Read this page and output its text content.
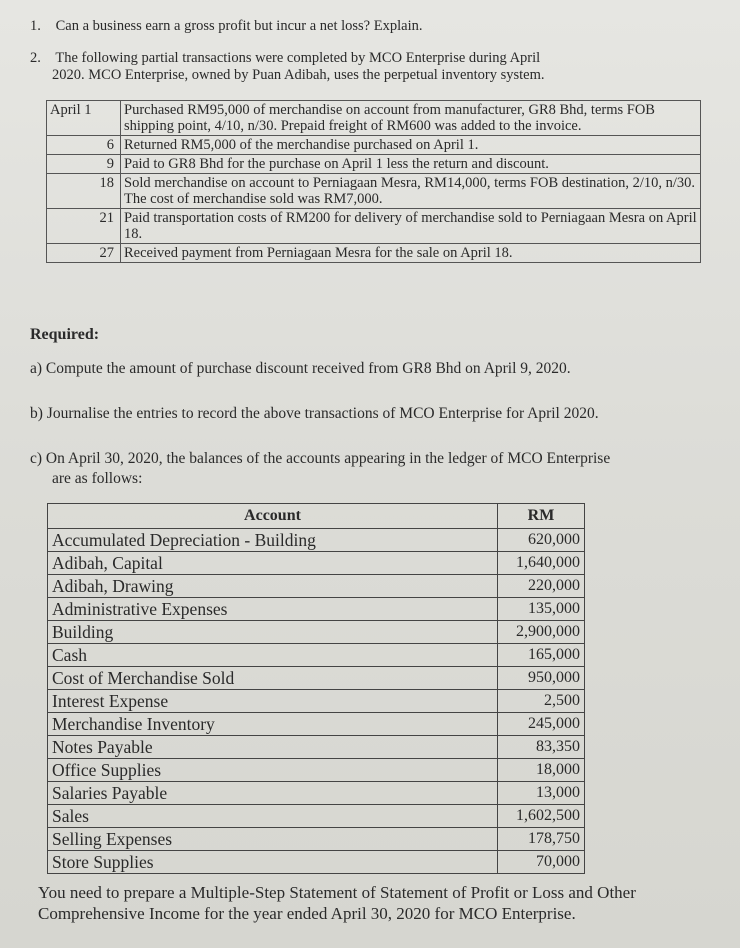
1. Can a business earn a gross profit but incur a net loss? Explain.
2. The following partial transactions were completed by MCO Enterprise during April
2020. MCO Enterprise, owned by Puan Adibah, uses the perpetual inventory system.
April 1	Purchased RM95,000 of merchandise on account from manufacturer, GR8 Bhd, terms FOB shipping point, 4/10, n/30. Prepaid freight of RM600 was added to the invoice.
6	Returned RM5,000 of the merchandise purchased on April 1.
9	Paid to GR8 Bhd for the purchase on April 1 less the return and discount.
18	Sold merchandise on account to Perniagaan Mesra, RM14,000, terms FOB destination, 2/10, n/30. The cost of merchandise sold was RM7,000.
21	Paid transportation costs of RM200 for delivery of merchandise sold to Perniagaan Mesra on April 18.
27	Received payment from Perniagaan Mesra for the sale on April 18.
Required:
a) Compute the amount of purchase discount received from GR8 Bhd on April 9, 2020.
b) Journalise the entries to record the above transactions of MCO Enterprise for April 2020.
c) On April 30, 2020, the balances of the accounts appearing in the ledger of MCO Enterprise
are as follows:
Account	RM
Accumulated Depreciation - Building	620,000
Adibah, Capital	1,640,000
Adibah, Drawing	220,000
Administrative Expenses	135,000
Building	2,900,000
Cash	165,000
Cost of Merchandise Sold	950,000
Interest Expense	2,500
Merchandise Inventory	245,000
Notes Payable	83,350
Office Supplies	18,000
Salaries Payable	13,000
Sales	1,602,500
Selling Expenses	178,750
Store Supplies	70,000
You need to prepare a Multiple-Step Statement of Statement of Profit or Loss and Other Comprehensive Income for the year ended April 30, 2020 for MCO Enterprise.
